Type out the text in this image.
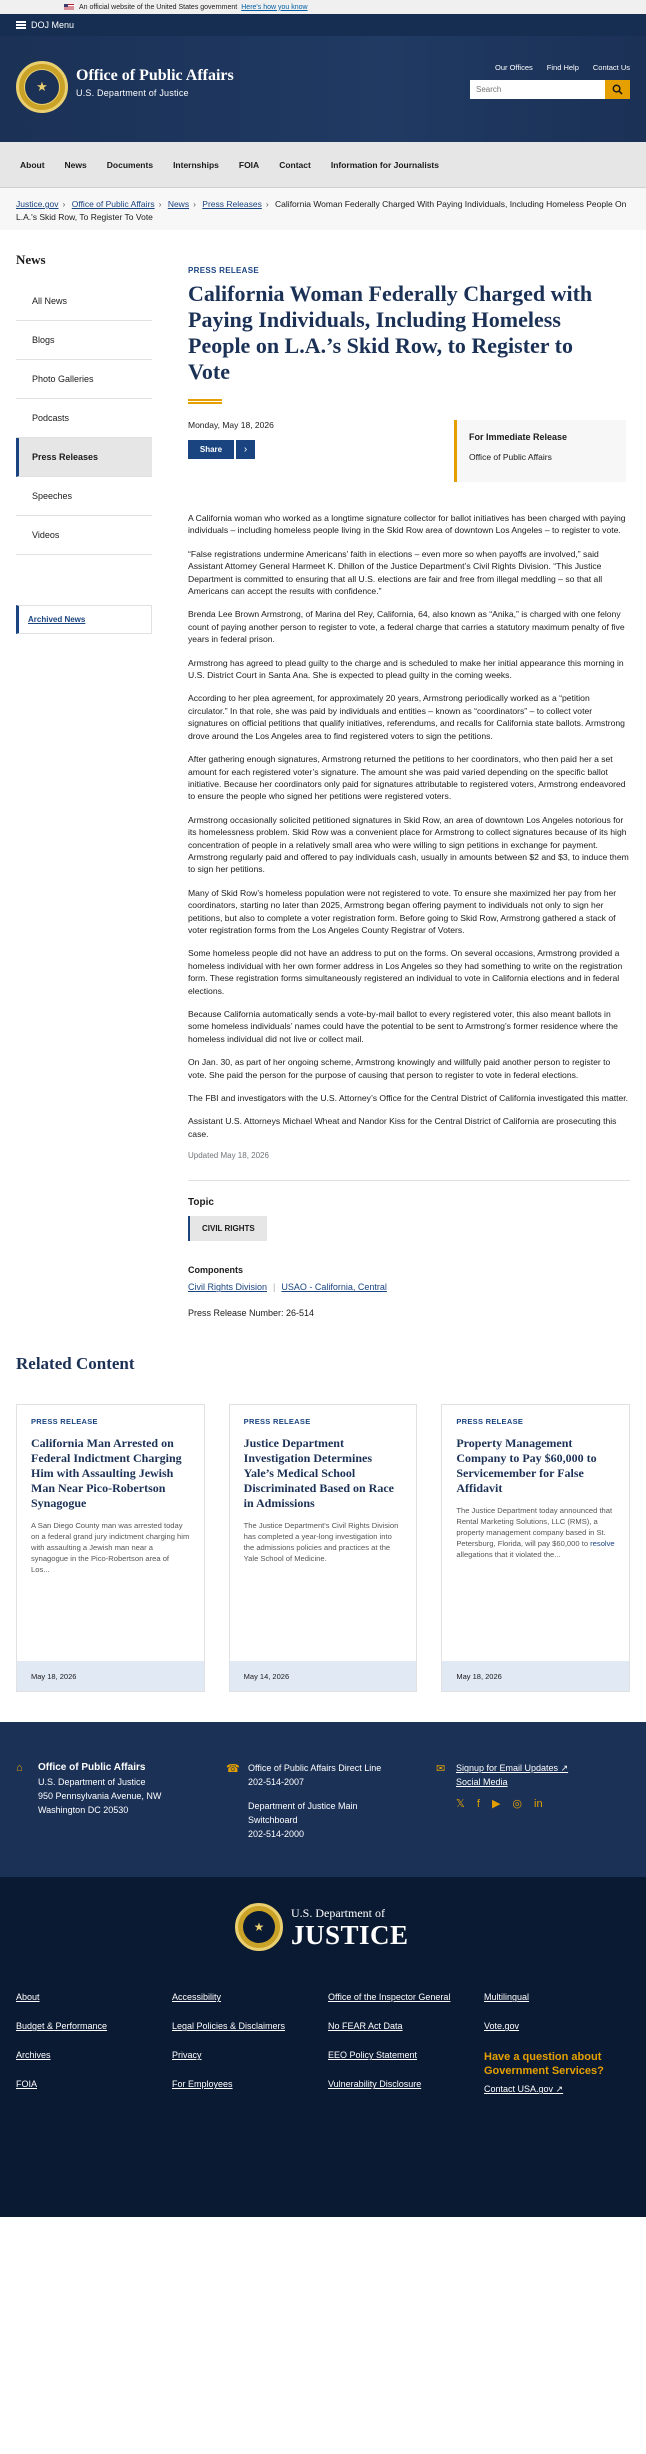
An official website of the United States government Here's how you know
DOJ Menu
★
Office of Public Affairs
U.S. Department of Justice
Our Offices Find Help Contact Us
Search
About	News	Documents	Internships	FOIA	Contact	Information for Journalists
Justice.gov › Office of Public Affairs › News › Press Releases › California Woman Federally Charged With Paying Individuals, Including Homeless People On L.A.'s Skid Row, To Register To Vote
News
All News
Blogs
Photo Galleries
Podcasts
Press Releases
Speeches
Videos
Archived News
PRESS RELEASE
California Woman Federally Charged with Paying Individuals, Including Homeless People on L.A.’s Skid Row, to Register to Vote
Monday, May 18, 2026
Share	›
For Immediate Release
Office of Public Affairs

A California woman who worked as a longtime signature collector for ballot initiatives has been charged with paying individuals – including homeless people living in the Skid Row area of downtown Los Angeles – to register to vote.

“False registrations undermine Americans’ faith in elections – even more so when payoffs are involved,” said Assistant Attorney General Harmeet K. Dhillon of the Justice Department’s Civil Rights Division. “This Justice Department is committed to ensuring that all U.S. elections are fair and free from illegal meddling – so that all Americans can accept the results with confidence.”

Brenda Lee Brown Armstrong, of Marina del Rey, California, 64, also known as “Anika,” is charged with one felony count of paying another person to register to vote, a federal charge that carries a statutory maximum penalty of five years in federal prison.

Armstrong has agreed to plead guilty to the charge and is scheduled to make her initial appearance this morning in U.S. District Court in Santa Ana. She is expected to plead guilty in the coming weeks.

According to her plea agreement, for approximately 20 years, Armstrong periodically worked as a “petition circulator.” In that role, she was paid by individuals and entities – known as “coordinators” – to collect voter signatures on official petitions that qualify initiatives, referendums, and recalls for California state ballots. Armstrong drove around the Los Angeles area to find registered voters to sign the petitions.

After gathering enough signatures, Armstrong returned the petitions to her coordinators, who then paid her a set amount for each registered voter’s signature. The amount she was paid varied depending on the specific ballot initiative. Because her coordinators only paid for signatures attributable to registered voters, Armstrong endeavored to ensure the people who signed her petitions were registered voters.

Armstrong occasionally solicited petitioned signatures in Skid Row, an area of downtown Los Angeles notorious for its homelessness problem. Skid Row was a convenient place for Armstrong to collect signatures because of its high concentration of people in a relatively small area who were willing to sign petitions in exchange for payment. Armstrong regularly paid and offered to pay individuals cash, usually in amounts between $2 and $3, to induce them to sign her petitions.

Many of Skid Row’s homeless population were not registered to vote. To ensure she maximized her pay from her coordinators, starting no later than 2025, Armstrong began offering payment to individuals not only to sign her petitions, but also to complete a voter registration form. Before going to Skid Row, Armstrong gathered a stack of voter registration forms from the Los Angeles County Registrar of Voters.

Some homeless people did not have an address to put on the forms. On several occasions, Armstrong provided a homeless individual with her own former address in Los Angeles so they had something to write on the registration form. These registration forms simultaneously registered an individual to vote in California elections and in federal elections.

Because California automatically sends a vote-by-mail ballot to every registered voter, this also meant ballots in some homeless individuals’ names could have the potential to be sent to Armstrong’s former residence where the homeless individual did not live or collect mail.

On Jan. 30, as part of her ongoing scheme, Armstrong knowingly and willfully paid another person to register to vote. She paid the person for the purpose of causing that person to register to vote in federal elections.

The FBI and investigators with the U.S. Attorney’s Office for the Central District of California investigated this matter.

Assistant U.S. Attorneys Michael Wheat and Nandor Kiss for the Central District of California are prosecuting this case.

Updated May 18, 2026
Topic
CIVIL RIGHTS
Components
Civil Rights Division | USAO - California, Central
Press Release Number: 26-514
Related Content
PRESS RELEASE
California Man Arrested on Federal Indictment Charging Him with Assaulting Jewish Man Near Pico-Robertson Synagogue
A San Diego County man was arrested today on a federal grand jury indictment charging him with assaulting a Jewish man near a synagogue in the Pico-Robertson area of Los...
May 18, 2026
PRESS RELEASE
Justice Department Investigation Determines Yale’s Medical School Discriminated Based on Race in Admissions
The Justice Department's Civil Rights Division has completed a year-long investigation into the admissions policies and practices at the Yale School of Medicine.
May 14, 2026
PRESS RELEASE
Property Management Company to Pay $60,000 to Servicemember for False Affidavit
The Justice Department today announced that Rental Marketing Solutions, LLC (RMS), a property management company based in St. Petersburg, Florida, will pay $60,000 to resolve allegations that it violated the...
May 18, 2026
⌂ Office of Public Affairs
U.S. Department of Justice
950 Pennsylvania Avenue, NW
Washington DC 20530
☎ Office of Public Affairs Direct Line
202-514-2007
Department of Justice Main Switchboard
202-514-2000
✉ Signup for Email Updates ↗
Social Media
𝕏 f ▶ ◎ in
★
U.S. Department of
JUSTICE
About
Budget & Performance
Archives
FOIA
Accessibility
Legal Policies & Disclaimers
Privacy
For Employees
Office of the Inspector General
No FEAR Act Data
EEO Policy Statement
Vulnerability Disclosure
Multilingual
Vote.gov
Have a question about Government Services?
Contact USA.gov ↗
